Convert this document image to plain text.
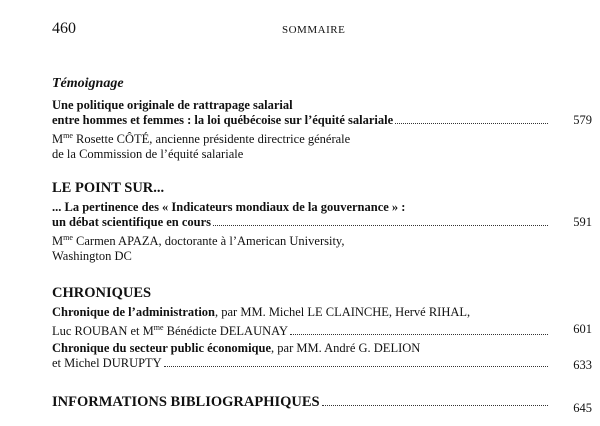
460	SOMMAIRE
Témoignage
Une politique originale de rattrapage salarial
entre hommes et femmes : la loi québécoise sur l’équité salariale	579
$M^{me}$ Rosette CÔTÉ, ancienne présidente directrice générale
de la Commission de l’équité salariale
LE POINT SUR...
... La pertinence des « Indicateurs mondiaux de la gouvernance » :
un débat scientifique en cours	591
$M^{me}$ Carmen APAZA, doctorante à l’American University,
Washington DC
CHRONIQUES
Chronique de l’administration, par MM. Michel LE CLAINCHE, Hervé RIHAL,
Luc ROUBAN et $M^{me}$ Bénédicte DELAUNAY	601
Chronique du secteur public économique, par MM. André G. DELION
et Michel DURUPTY	633
INFORMATIONS BIBLIOGRAPHIQUES	645
